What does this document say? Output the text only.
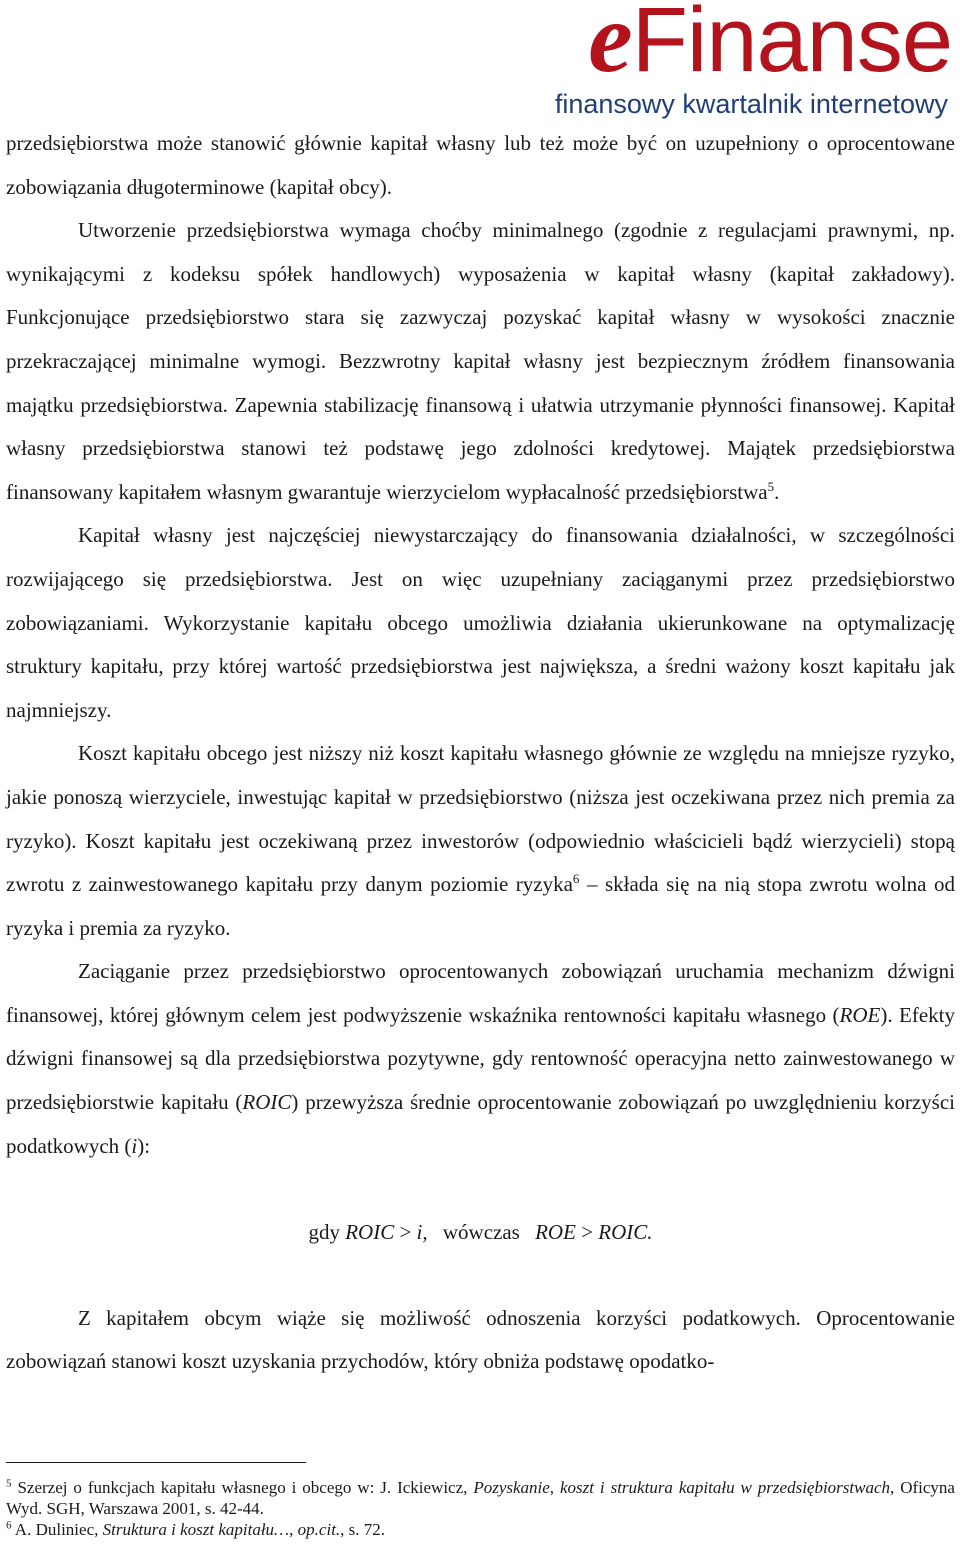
eFinanse
finansowy kwartalnik internetowy

przedsiębiorstwa może stanowić głównie kapitał własny lub też może być on uzupełniony o oprocentowane zobowiązania długoterminowe (kapitał obcy).

Utworzenie przedsiębiorstwa wymaga choćby minimalnego (zgodnie z regulacjami prawnymi, np. wynikającymi z kodeksu spółek handlowych) wyposażenia w kapitał własny (kapitał zakładowy). Funkcjonujące przedsiębiorstwo stara się zazwyczaj pozyskać kapitał własny w wysokości znacznie przekraczającej minimalne wymogi. Bezzwrotny kapitał własny jest bezpiecznym źródłem finansowania majątku przedsiębiorstwa. Zapewnia stabilizację finansową i ułatwia utrzymanie płynności finansowej. Kapitał własny przedsiębiorstwa stanowi też podstawę jego zdolności kredytowej. Majątek przedsiębiorstwa finansowany kapitałem własnym gwarantuje wierzycielom wypłacalność przedsiębiorstwa$^5$.

Kapitał własny jest najczęściej niewystarczający do finansowania działalności, w szczególności rozwijającego się przedsiębiorstwa. Jest on więc uzupełniany zaciąganymi przez przedsiębiorstwo zobowiązaniami. Wykorzystanie kapitału obcego umożliwia działania ukierunkowane na optymalizację struktury kapitału, przy której wartość przedsiębiorstwa jest największa, a średni ważony koszt kapitału jak najmniejszy.

Koszt kapitału obcego jest niższy niż koszt kapitału własnego głównie ze względu na mniejsze ryzyko, jakie ponoszą wierzyciele, inwestując kapitał w przedsiębiorstwo (niższa jest oczekiwana przez nich premia za ryzyko). Koszt kapitału jest oczekiwaną przez inwestorów (odpowiednio właścicieli bądź wierzycieli) stopą zwrotu z zainwestowanego kapitału przy danym poziomie ryzyka$^6$ – składa się na nią stopa zwrotu wolna od ryzyka i premia za ryzyko.

Zaciąganie przez przedsiębiorstwo oprocentowanych zobowiązań uruchamia mechanizm dźwigni finansowej, której głównym celem jest podwyższenie wskaźnika rentowności kapitału własnego (ROE). Efekty dźwigni finansowej są dla przedsiębiorstwa pozytywne, gdy rentowność operacyjna netto zainwestowanego w przedsiębiorstwie kapitału (ROIC) przewyższa średnie oprocentowanie zobowiązań po uwzględnieniu korzyści podatkowych (i):

gdy ROIC > i, wówczas ROE > ROIC.

Z kapitałem obcym wiąże się możliwość odnoszenia korzyści podatkowych. Oprocentowanie zobowiązań stanowi koszt uzyskania przychodów, który obniża podstawę opodatko-

$^5$ Szerzej o funkcjach kapitału własnego i obcego w: J. Ickiewicz, Pozyskanie, koszt i struktura kapitału w przedsiębiorstwach, Oficyna Wyd. SGH, Warszawa 2001, s. 42-44.

$^6$ A. Duliniec, Struktura i koszt kapitału…, op.cit., s. 72.
